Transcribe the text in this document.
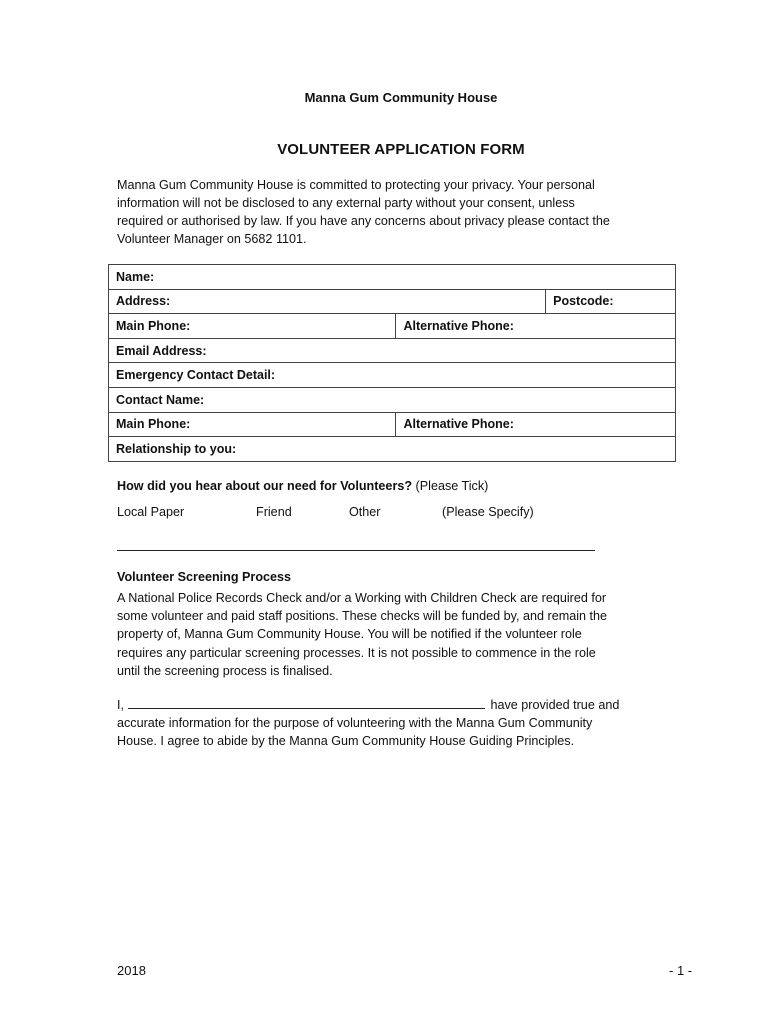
Manna Gum Community House
VOLUNTEER APPLICATION FORM

Manna Gum Community House is committed to protecting your privacy. Your personal
information will not be disclosed to any external party without your consent, unless
required or authorised by law. If you have any concerns about privacy please contact the
Volunteer Manager on 5682 1101.

Name:		
Address:		Postcode:
Main Phone:	Alternative Phone:	
Email Address:		
Emergency Contact Detail:		
Contact Name:		
Main Phone:	Alternative Phone:	
Relationship to you:		

How did you hear about our need for Volunteers? (Please Tick)

Local Paper	Friend	Other	(Please Specify)

Volunteer Screening Process

A National Police Records Check and/or a Working with Children Check are required for
some volunteer and paid staff positions. These checks will be funded by, and remain the
property of, Manna Gum Community House. You will be notified if the volunteer role
requires any particular screening processes. It is not possible to commence in the role
until the screening process is finalised.

I,	have provided true and
accurate information for the purpose of volunteering with the Manna Gum Community
House. I agree to abide by the Manna Gum Community House Guiding Principles.

2018	- 1 -
